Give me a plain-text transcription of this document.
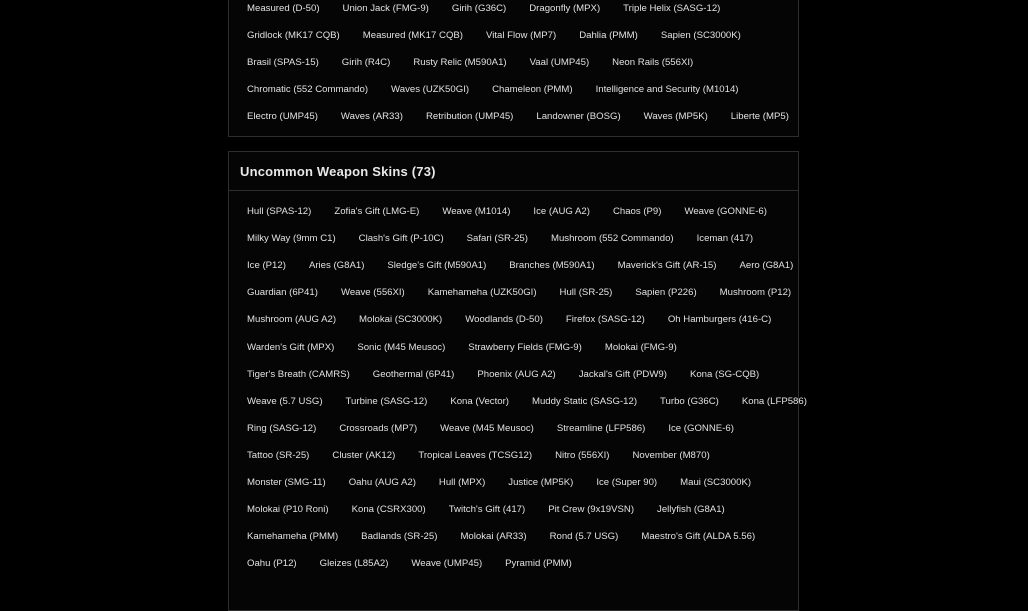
Measured (D-50) Union Jack (FMG-9) Girih (G36C) Dragonfly (MPX) Triple Helix (SASG-12)
Gridlock (MK17 CQB) Measured (MK17 CQB) Vital Flow (MP7) Dahlia (PMM) Sapien (SC3000K)
Brasil (SPAS-15) Girih (R4C) Rusty Relic (M590A1) Vaal (UMP45) Neon Rails (556XI)
Chromatic (552 Commando) Waves (UZK50GI) Chameleon (PMM) Intelligence and Security (M1014)
Electro (UMP45) Waves (AR33) Retribution (UMP45) Landowner (BOSG) Waves (MP5K) Liberte (MP5)
Uncommon Weapon Skins (73)
Hull (SPAS-12) Zofia's Gift (LMG-E) Weave (M1014) Ice (AUG A2) Chaos (P9) Weave (GONNE-6)
Milky Way (9mm C1) Clash's Gift (P-10C) Safari (SR-25) Mushroom (552 Commando) Iceman (417)
Ice (P12) Aries (G8A1) Sledge's Gift (M590A1) Branches (M590A1) Maverick's Gift (AR-15) Aero (G8A1)
Guardian (6P41) Weave (556XI) Kamehameha (UZK50GI) Hull (SR-25) Sapien (P226) Mushroom (P12)
Mushroom (AUG A2) Molokai (SC3000K) Woodlands (D-50) Firefox (SASG-12) Oh Hamburgers (416-C)
Warden's Gift (MPX) Sonic (M45 Meusoc) Strawberry Fields (FMG-9) Molokai (FMG-9)
Tiger's Breath (CAMRS) Geothermal (6P41) Phoenix (AUG A2) Jackal's Gift (PDW9) Kona (SG-CQB)
Weave (5.7 USG) Turbine (SASG-12) Kona (Vector) Muddy Static (SASG-12) Turbo (G36C) Kona (LFP586)
Ring (SASG-12) Crossroads (MP7) Weave (M45 Meusoc) Streamline (LFP586) Ice (GONNE-6)
Tattoo (SR-25) Cluster (AK12) Tropical Leaves (TCSG12) Nitro (556XI) November (M870)
Monster (SMG-11) Oahu (AUG A2) Hull (MPX) Justice (MP5K) Ice (Super 90) Maui (SC3000K)
Molokai (P10 Roni) Kona (CSRX300) Twitch's Gift (417) Pit Crew (9x19VSN) Jellyfish (G8A1)
Kamehameha (PMM) Badlands (SR-25) Molokai (AR33) Rond (5.7 USG) Maestro's Gift (ALDA 5.56)
Oahu (P12) Gleizes (L85A2) Weave (UMP45) Pyramid (PMM)
